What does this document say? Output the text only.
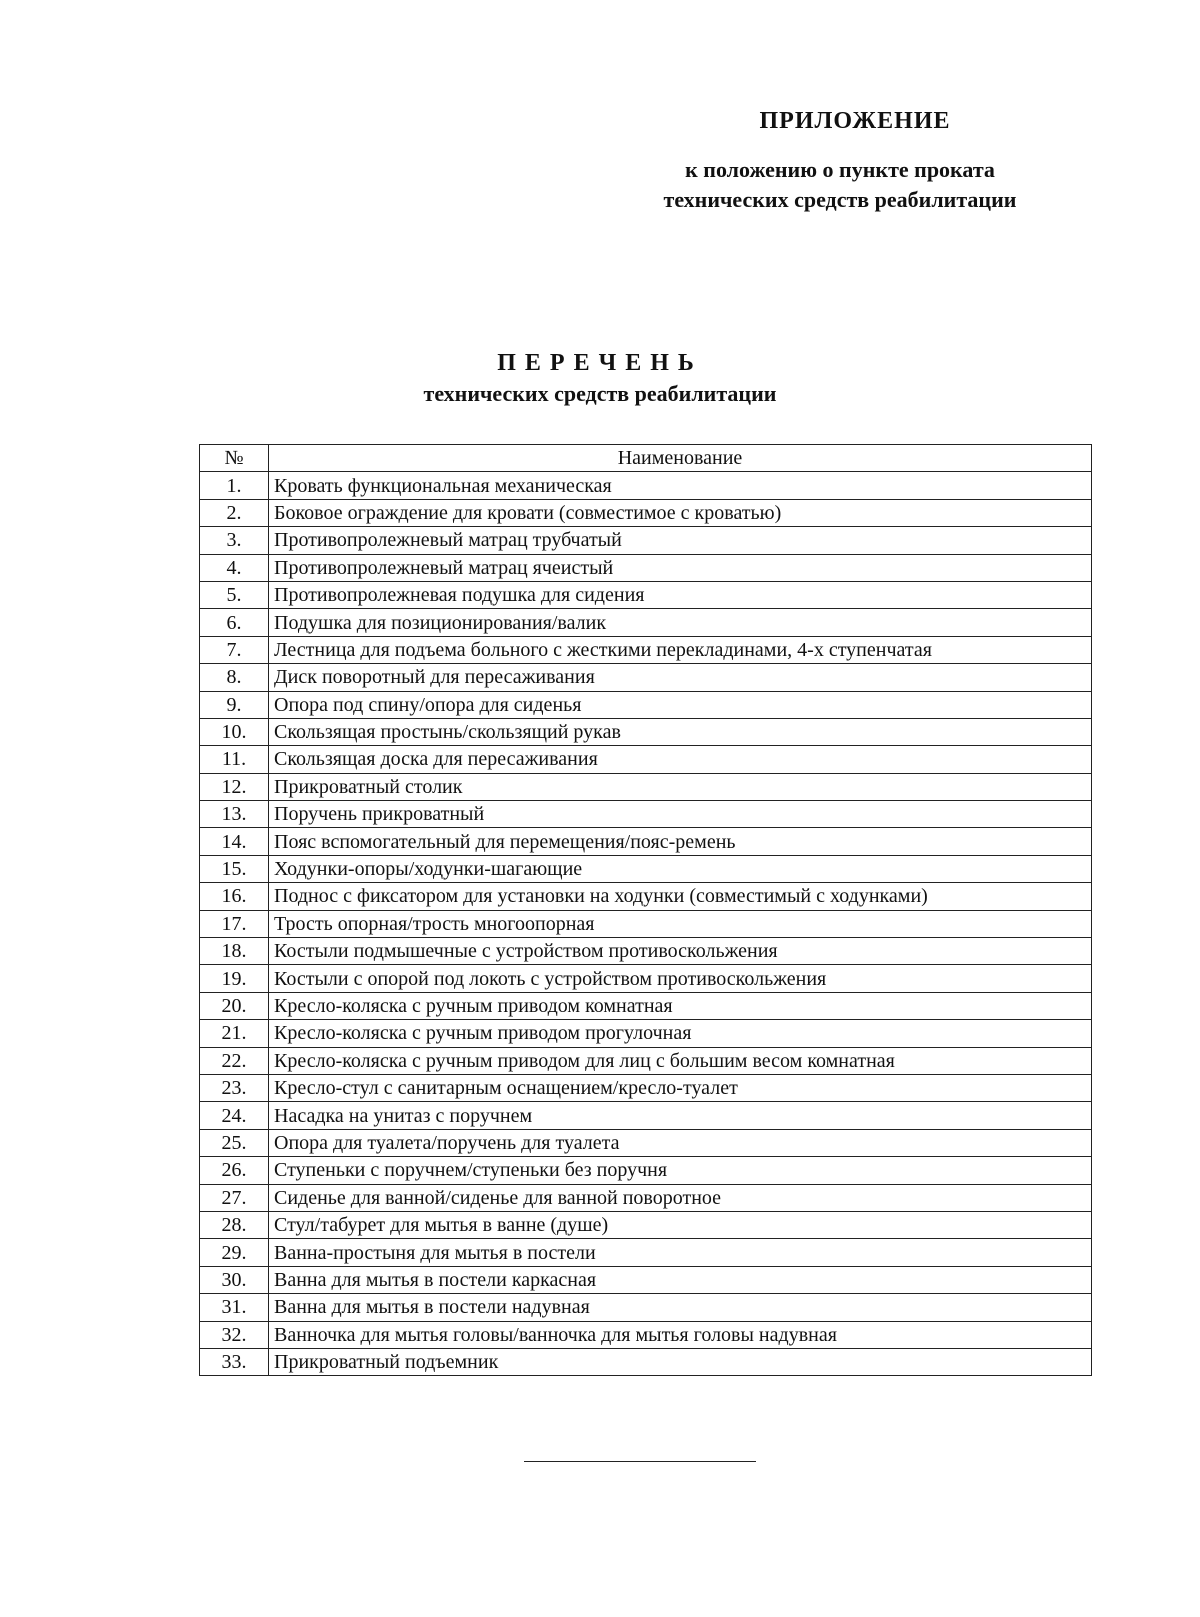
ПРИЛОЖЕНИЕ
к положению о пункте проката
технических средств реабилитации
ПЕРЕЧЕНЬ
технических средств реабилитации
№	Наименование
1.	Кровать функциональная механическая
2.	Боковое ограждение для кровати (совместимое с кроватью)
3.	Противопролежневый матрац трубчатый
4.	Противопролежневый матрац ячеистый
5.	Противопролежневая подушка для сидения
6.	Подушка для позиционирования/валик
7.	Лестница для подъема больного с жесткими перекладинами, 4-х ступенчатая
8.	Диск поворотный для пересаживания
9.	Опора под спину/опора для сиденья
10.	Скользящая простынь/скользящий рукав
11.	Скользящая доска для пересаживания
12.	Прикроватный столик
13.	Поручень прикроватный
14.	Пояс вспомогательный для перемещения/пояс-ремень
15.	Ходунки-опоры/ходунки-шагающие
16.	Поднос с фиксатором для установки на ходунки (совместимый с ходунками)
17.	Трость опорная/трость многоопорная
18.	Костыли подмышечные с устройством противоскольжения
19.	Костыли с опорой под локоть с устройством противоскольжения
20.	Кресло-коляска с ручным приводом комнатная
21.	Кресло-коляска с ручным приводом прогулочная
22.	Кресло-коляска с ручным приводом для лиц с большим весом комнатная
23.	Кресло-стул с санитарным оснащением/кресло-туалет
24.	Насадка на унитаз с поручнем
25.	Опора для туалета/поручень для туалета
26.	Ступеньки с поручнем/ступеньки без поручня
27.	Сиденье для ванной/сиденье для ванной поворотное
28.	Стул/табурет для мытья в ванне (душе)
29.	Ванна-простыня для мытья в постели
30.	Ванна для мытья в постели каркасная
31.	Ванна для мытья в постели надувная
32.	Ванночка для мытья головы/ванночка для мытья головы надувная
33.	Прикроватный подъемник
